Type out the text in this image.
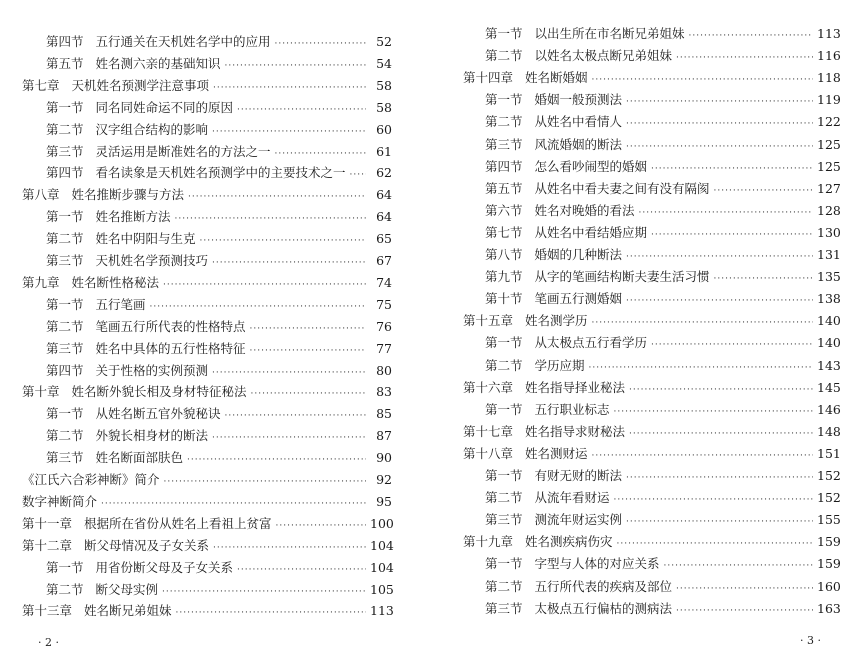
第四节 五行通关在天机姓名学中的应用 ·····	52
第五节 姓名测六亲的基础知识 ·····	54
第七章 天机姓名预测学注意事项 ·····	58
第一节 同名同姓命运不同的原因 ·····	58
第二节 汉字组合结构的影响 ·····	60
第三节 灵活运用是断准姓名的方法之一 ·····	61
第四节 看名读象是天机姓名预测学中的主要技术之一 ·····	62
第八章 姓名推断步骤与方法 ·····	64
第一节 姓名推断方法 ·····	64
第二节 姓名中阴阳与生克 ·····	65
第三节 天机姓名学预测技巧 ·····	67
第九章 姓名断性格秘法 ·····	74
第一节 五行笔画 ·····	75
第二节 笔画五行所代表的性格特点 ·····	76
第三节 姓名中具体的五行性格特征 ·····	77
第四节 关于性格的实例预测 ·····	80
第十章 姓名断外貌长相及身材特征秘法 ·····	83
第一节 从姓名断五官外貌秘诀 ·····	85
第二节 外貌长相身材的断法 ·····	87
第三节 姓名断面部肤色 ·····	90
《江氏六合彩神断》简介 ·····	92
数字神断简介 ·····	95
第十一章 根据所在省份从姓名上看祖上贫富 ·····	100
第十二章 断父母情况及子女关系 ·····	104
第一节 用省份断父母及子女关系 ·····	104
第二节 断父母实例 ·····	105
第十三章 姓名断兄弟姐妹 ·····	113
第一节 以出生所在市名断兄弟姐妹 ·····	113
第二节 以姓名太极点断兄弟姐妹 ·····	116
第十四章 姓名断婚姻 ·····	118
第一节 婚姻一般预测法 ·····	119
第二节 从姓名中看情人 ·····	122
第三节 风流婚姻的断法 ·····	125
第四节 怎么看吵闹型的婚姻 ·····	125
第五节 从姓名中看夫妻之间有没有隔阂 ·····	127
第六节 姓名对晚婚的看法 ·····	128
第七节 从姓名中看结婚应期 ·····	130
第八节 婚姻的几种断法 ·····	131
第九节 从字的笔画结构断夫妻生活习惯 ·····	135
第十节 笔画五行测婚姻 ·····	138
第十五章 姓名测学历 ·····	140
第一节 从太极点五行看学历 ·····	140
第二节 学历应期 ·····	143
第十六章 姓名指导择业秘法 ·····	145
第一节 五行职业标志 ·····	146
第十七章 姓名指导求财秘法 ·····	148
第十八章 姓名测财运 ·····	151
第一节 有财无财的断法 ·····	152
第二节 从流年看财运 ·····	152
第三节 测流年财运实例 ·····	155
第十九章 姓名测疾病伤灾 ·····	159
第一节 字型与人体的对应关系 ·····	159
第二节 五行所代表的疾病及部位 ·····	160
第三节 太极点五行偏枯的测病法 ·····	163
· 2 ·	· 3 ·
